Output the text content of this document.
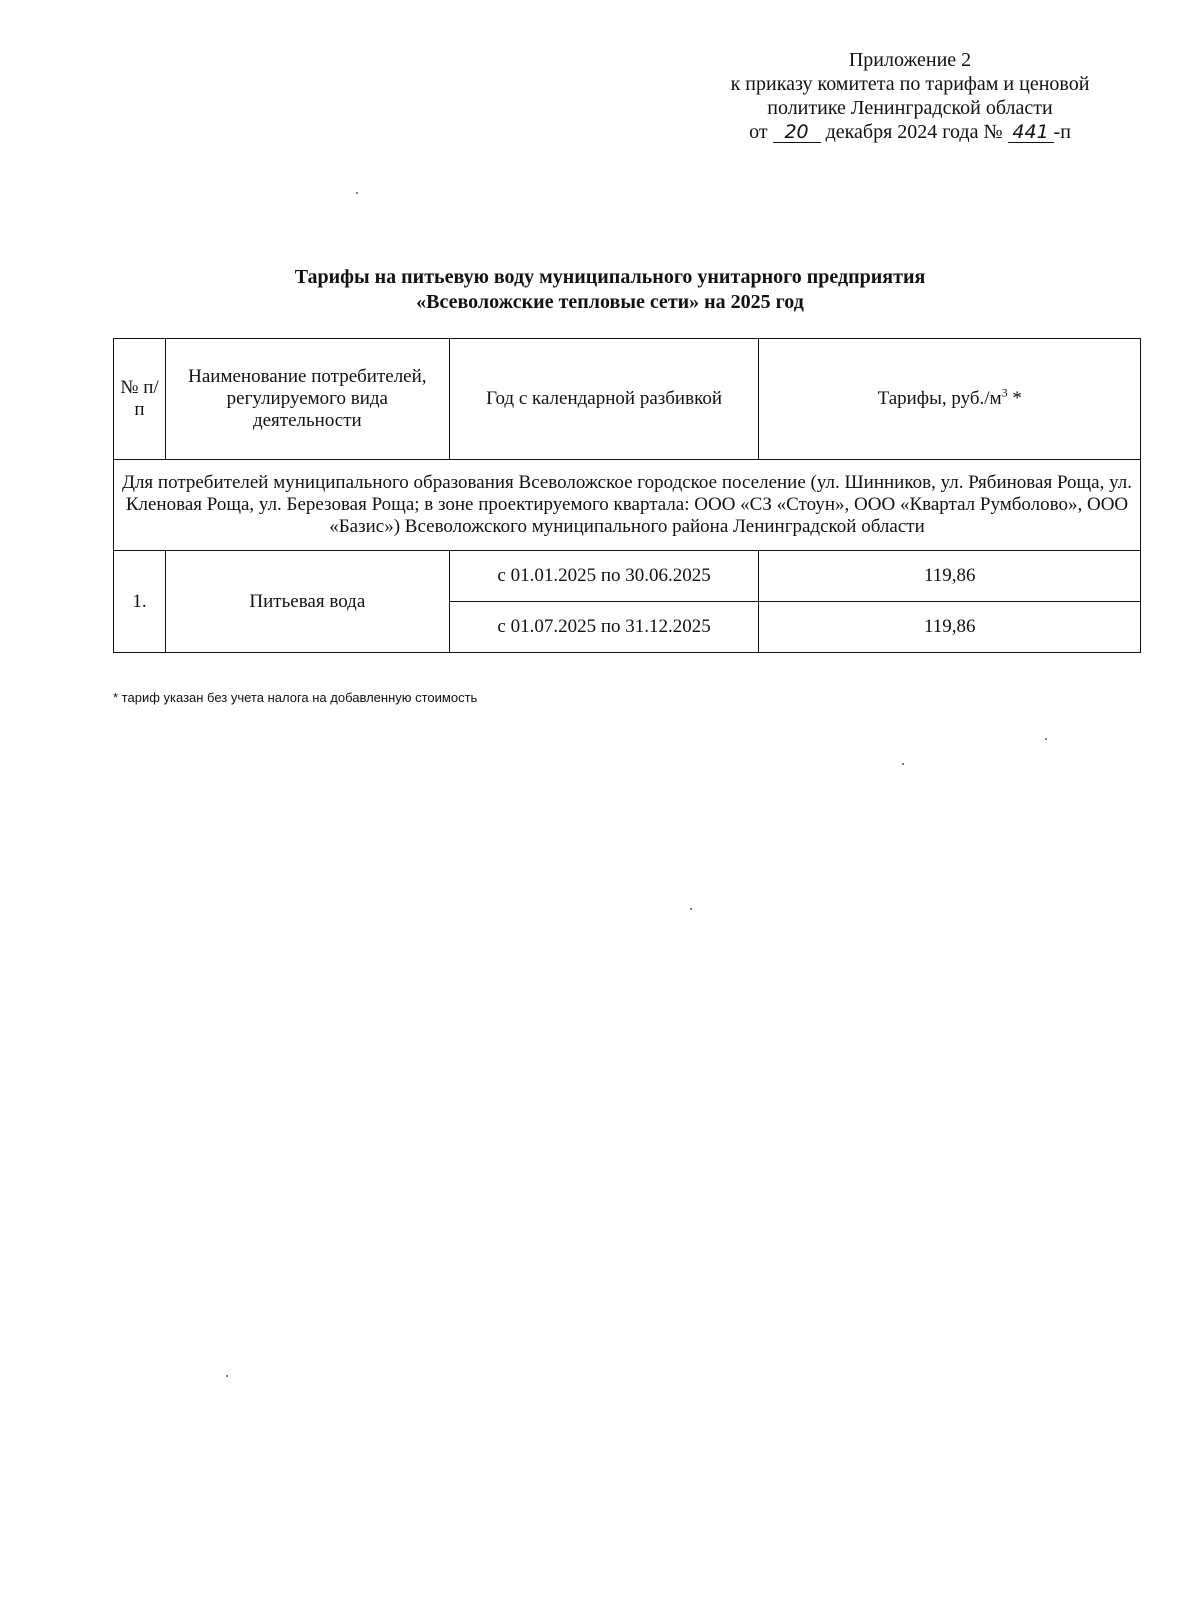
Приложение 2
к приказу комитета по тарифам и ценовой
политике Ленинградской области
от 20 декабря 2024 года № 441 -п
Тарифы на питьевую воду муниципального унитарного предприятия
«Всеволожские тепловые сети» на 2025 год
№ п/п	Наименование потребителей, регулируемого вида деятельности	Год с календарной разбивкой	Тарифы, $руб./м^3$ *
Для потребителей муниципального образования Всеволожское городское поселение (ул. Шинников, ул. Рябиновая Роща, ул. Кленовая Роща, ул. Березовая Роща; в зоне проектируемого квартала: ООО «СЗ «Стоун», ООО «Квартал Румболово», ООО «Базис») Всеволожского муниципального района Ленинградской области			
1.	Питьевая вода	с 01.01.2025 по 30.06.2025	119,86
		с 01.07.2025 по 31.12.2025	119,86
* тариф указан без учета налога на добавленную стоимость
